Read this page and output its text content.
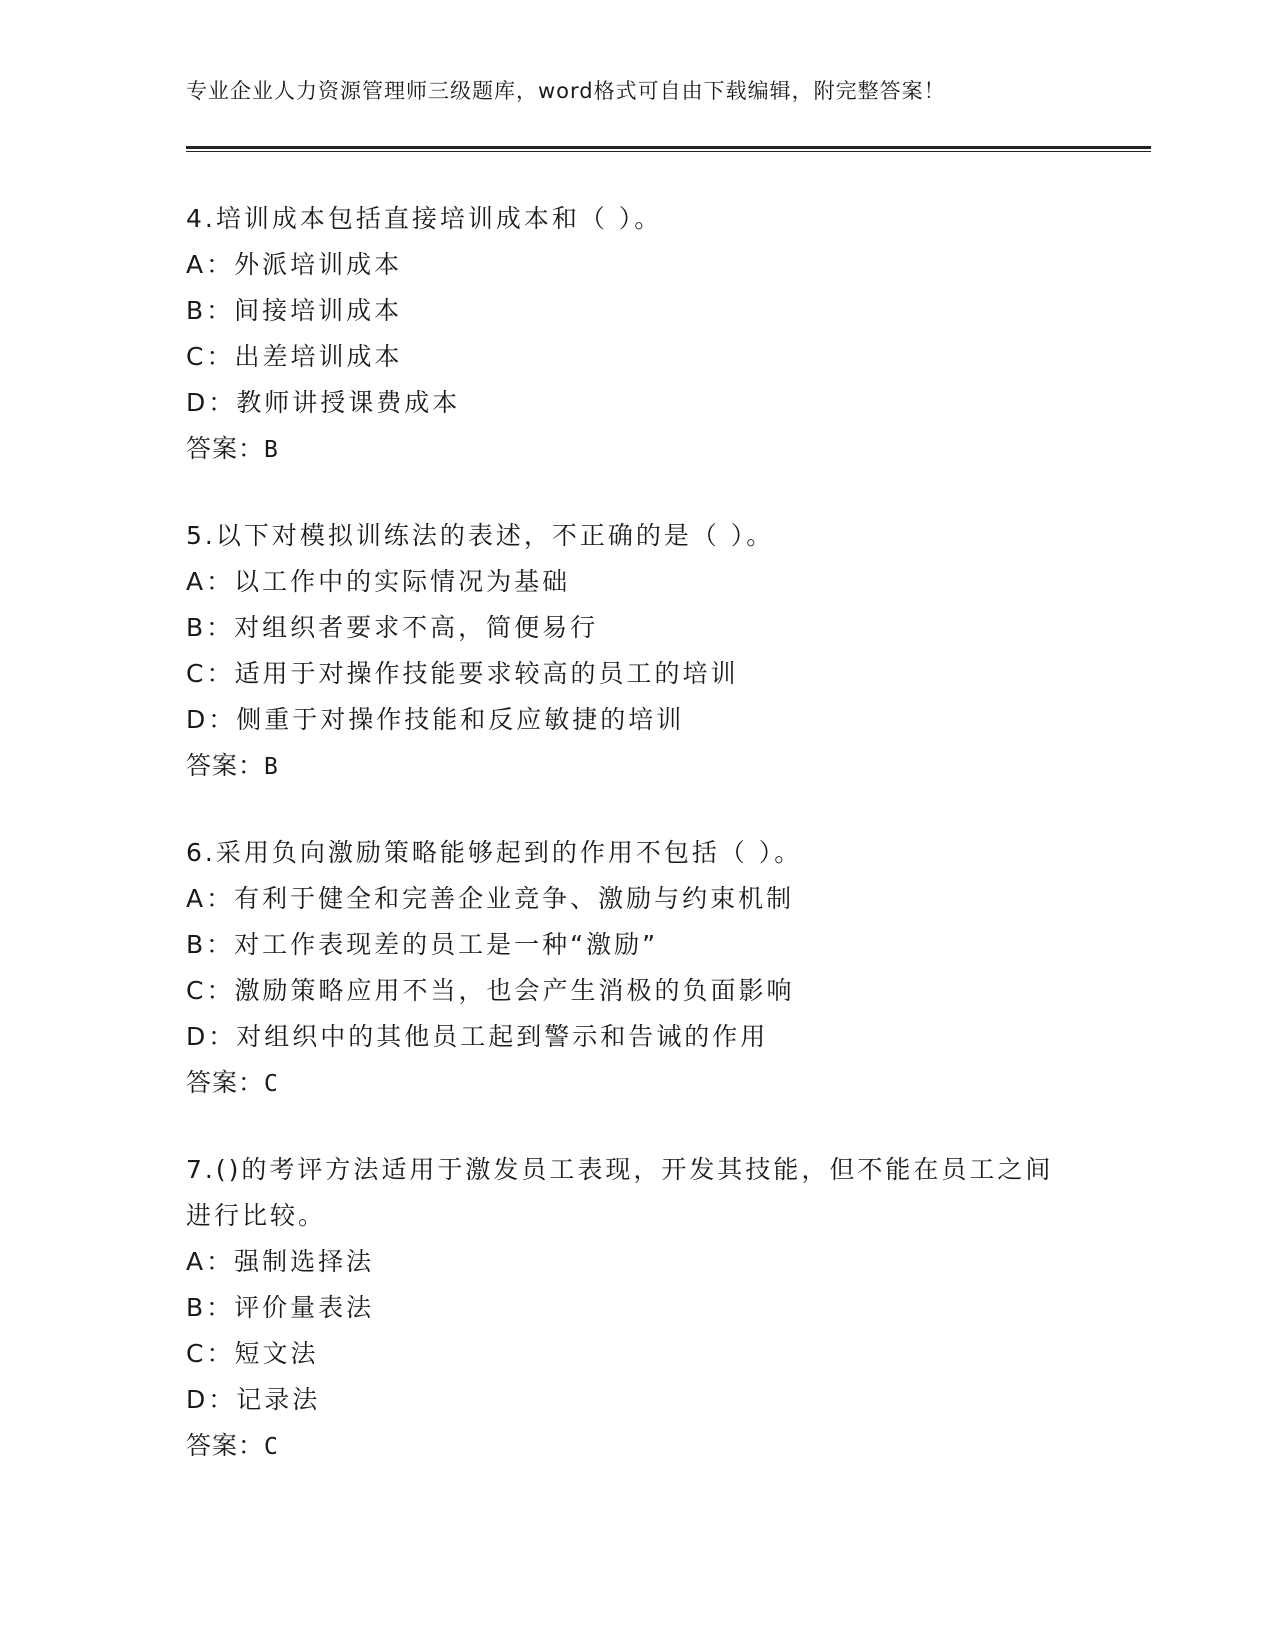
专业企业人力资源管理师三级题库，word格式可自由下载编辑，附完整答案！
4.培训成本包括直接培训成本和（ ）。
A：外派培训成本
B：间接培训成本
C：出差培训成本
D：教师讲授课费成本
答案：B
5.以下对模拟训练法的表述，不正确的是（ ）。
A：以工作中的实际情况为基础
B：对组织者要求不高，简便易行
C：适用于对操作技能要求较高的员工的培训
D：侧重于对操作技能和反应敏捷的培训
答案：B
6.采用负向激励策略能够起到的作用不包括（ ）。
A：有利于健全和完善企业竞争、激励与约束机制
B：对工作表现差的员工是一种“激励”
C：激励策略应用不当，也会产生消极的负面影响
D：对组织中的其他员工起到警示和告诫的作用
答案：C
7.()的考评方法适用于激发员工表现，开发其技能，但不能在员工之间进行比较。
A：强制选择法
B：评价量表法
C：短文法
D：记录法
答案：C
